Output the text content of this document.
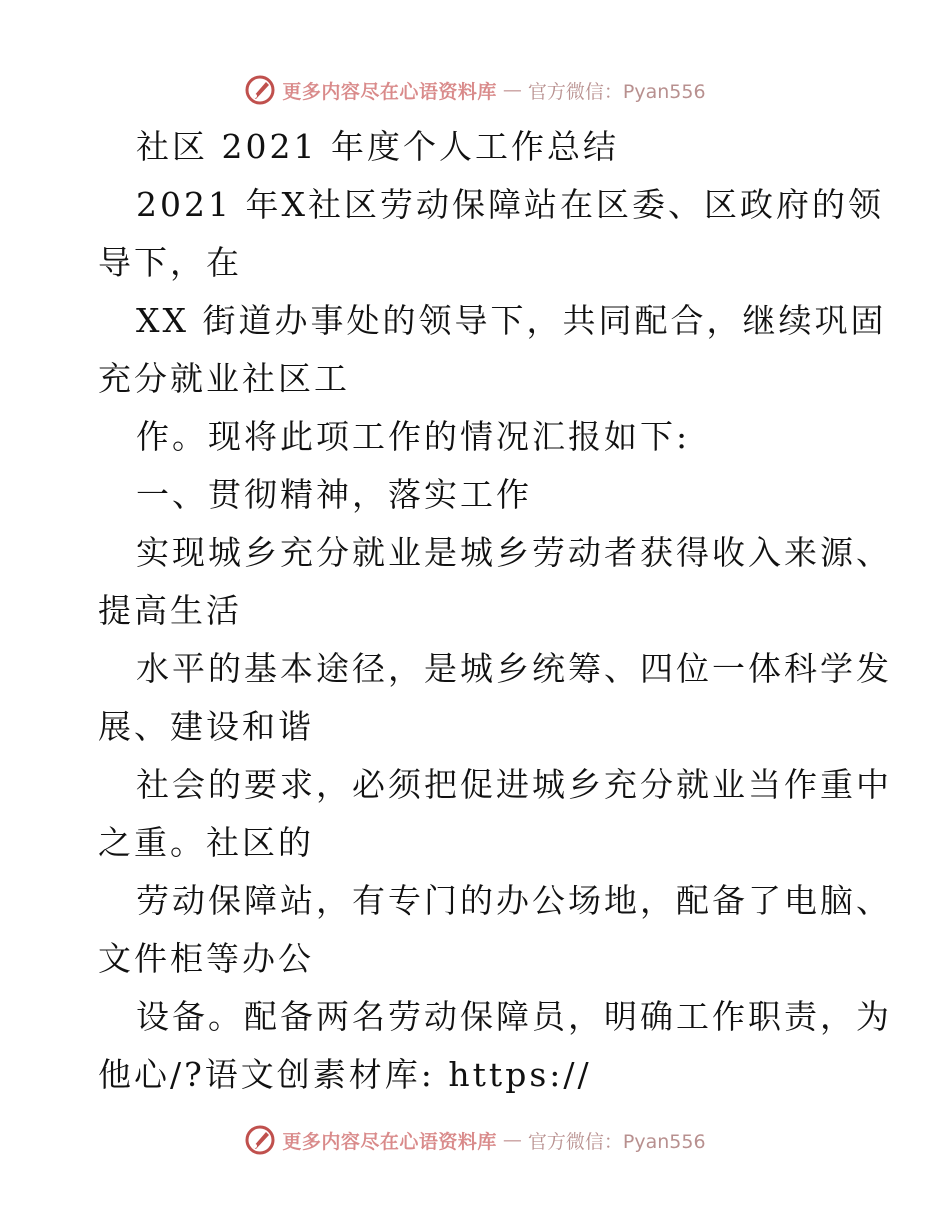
更多内容尽在心语资料库 — 官方微信：Pyan556
社区 2021 年度个人工作总结
2021 年X社区劳动保障站在区委、区政府的领
导下，在
XX 街道办事处的领导下，共同配合，继续巩固
充分就业社区工
作。现将此项工作的情况汇报如下:
一、贯彻精神，落实工作
实现城乡充分就业是城乡劳动者获得收入来源、
提高生活
水平的基本途径，是城乡统筹、四位一体科学发
展、建设和谐
社会的要求，必须把促进城乡充分就业当作重中
之重。社区的
劳动保障站，有专门的办公场地，配备了电脑、
文件柜等办公
设备。配备两名劳动保障员，明确工作职责，为
他心/?语文创素材库: https://
更多内容尽在心语资料库 — 官方微信：Pyan556
